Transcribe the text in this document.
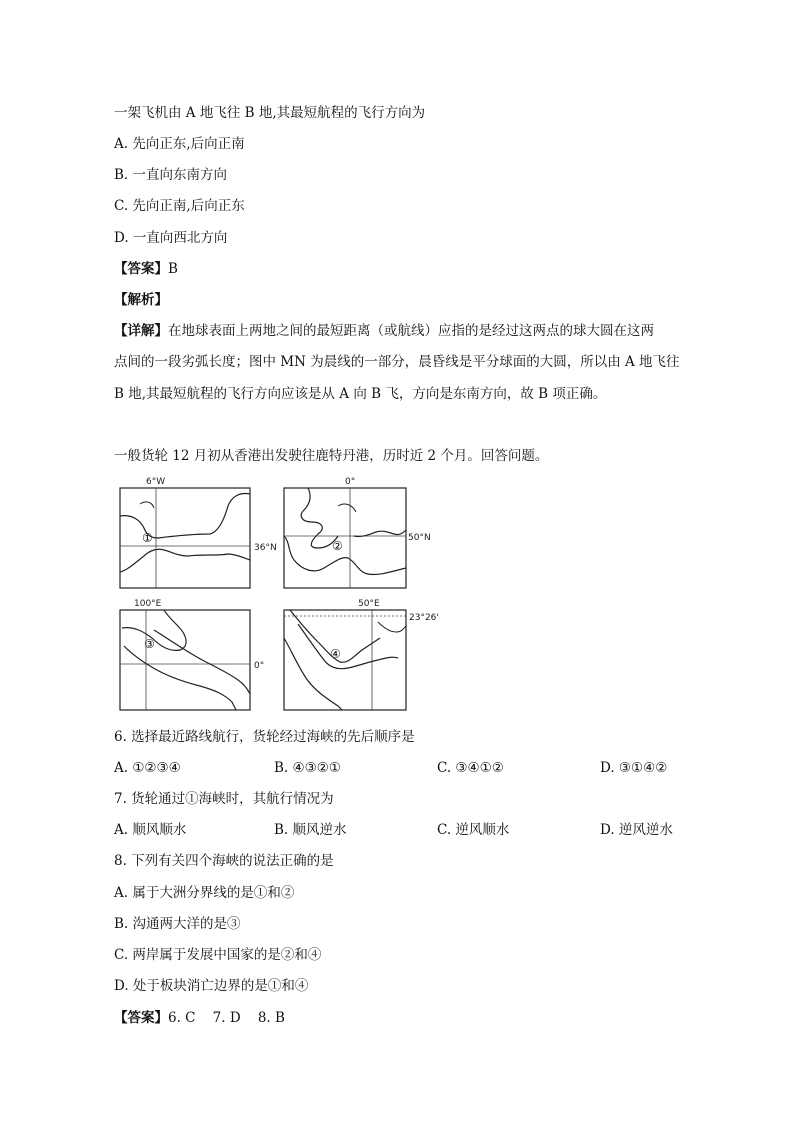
一架飞机由 A 地飞往 B 地,其最短航程的飞行方向为
A. 先向正东,后向正南
B. 一直向东南方向
C. 先向正南,后向正东
D. 一直向西北方向
【答案】B
【解析】
【详解】在地球表面上两地之间的最短距离（或航线）应指的是经过这两点的球大圆在这两
点间的一段劣弧长度；图中 MN 为晨线的一部分，晨昏线是平分球面的大圆，所以由 A 地飞往
B 地,其最短航程的飞行方向应该是从 A 向 B 飞，方向是东南方向，故 B 项正确。
一般货轮 12 月初从香港出发驶往鹿特丹港，历时近 2 个月。回答问题。
6°W
36°N
①
0°
50°N
②
100°E
0°
③
50°E
23°26'
④
6. 选择最近路线航行，货轮经过海峡的先后顺序是
A. ①②③④	B. ④③②①	C. ③④①②	D. ③①④②
7. 货轮通过①海峡时，其航行情况为
A. 顺风顺水	B. 顺风逆水	C. 逆风顺水	D. 逆风逆水
8. 下列有关四个海峡的说法正确的是
A. 属于大洲分界线的是①和②
B. 沟通两大洋的是③
C. 两岸属于发展中国家的是②和④
D. 处于板块消亡边界的是①和④
【答案】6. C    7. D    8. B
